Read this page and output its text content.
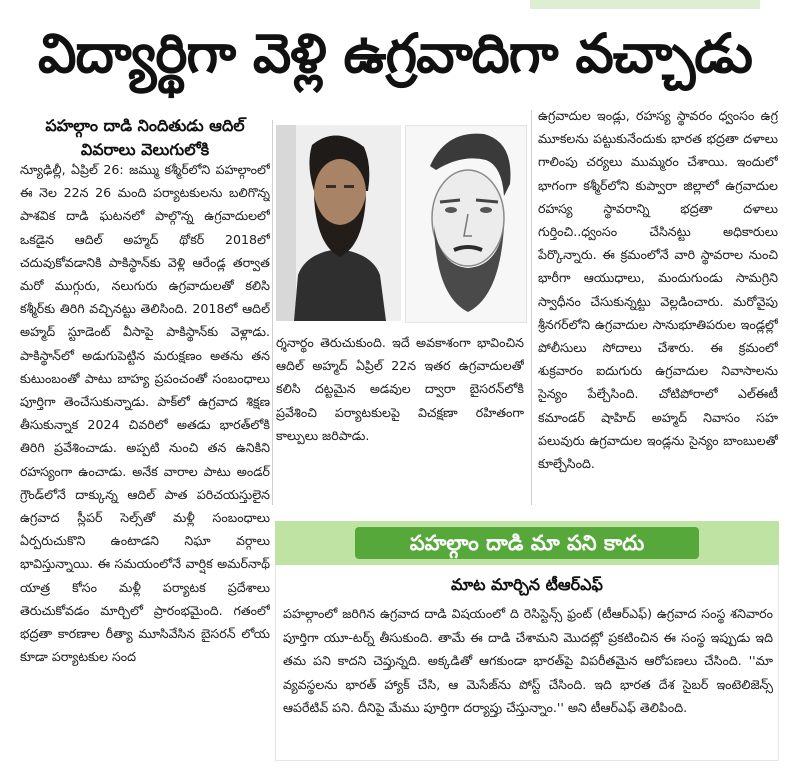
విద్యార్థిగా వెళ్లి ఉగ్రవాదిగా వచ్చాడు
పహల్గాం దాడి నిందితుడు ఆదిల్ వివరాలు వెలుగులోకి

న్యూఢిల్లీ, ఏప్రిల్ 26: జమ్ము కశ్మీర్‌లోని పహల్గాంలో ఈ నెల 22న 26 మంది పర్యాటకులను బలిగొన్న పాశవిక దాడి ఘటనలో పాల్గొన్న ఉగ్రవాదులలో ఒకడైన ఆదిల్ అహ్మద్ థోకర్ 2018లో చదువుకోవడానికి పాకిస్థాన్‌కు వెళ్లి ఆరేండ్ల తర్వాత మరో ముగ్గురు, నలుగురు ఉగ్రవాదులతో కలిసి కశ్మీర్‌కు తిరిగి వచ్చినట్టు తెలిసింది. 2018లో ఆదిల్ అహ్మద్ స్టూడెంట్ వీసాపై పాకిస్థాన్‌కు వెళ్లాడు. పాకిస్థాన్‌లో అడుగుపెట్టిన మరుక్షణం అతను తన కుటుంబంతో పాటు బాహ్య ప్రపంచంతో సంబంధాలు పూర్తిగా తెంచేసుకున్నాడు. పాక్‌లో ఉగ్రవాద శిక్షణ తీసుకున్నాక 2024 చివరిలో అతడు భారత్‌లోకి తిరిగి ప్రవేశించాడు. అప్పటి నుంచి తన ఉనికిని రహస్యంగా ఉంచాడు. అనేక వారాల పాటు అండర్ గ్రౌండ్‌లోనే దాక్కున్న ఆదిల్ పాత పరిచయస్తులైన ఉగ్రవాద స్లీపర్ సెల్స్‌తో మళ్లీ సంబంధాలు ఏర్పరుచుకొని ఉంటాడని నిఘా వర్గాలు భావిస్తున్నాయి. ఈ సమయంలోనే వార్షిక అమర్‌నాథ్ యాత్ర కోసం మళ్లీ పర్యాటక ప్రదేశాలు తెరుచుకోవడం మార్చిలో ప్రారంభమైంది. గతంలో భద్రతా కారణాల రీత్యా మూసివేసిన బైసరన్ లోయ కూడా పర్యాటకుల సంద

ర్శనార్థం తెరుచుకుంది. ఇదే అవకాశంగా భావించిన ఆదిల్ అహ్మద్ ఏప్రిల్ 22న ఇతర ఉగ్రవాదులతో కలిసి దట్టమైన అడవుల ద్వారా బైసరన్‌లోకి ప్రవేశించి పర్యాటకులపై విచక్షణా రహితంగా కాల్పులు జరిపాడు.

ఉగ్రవాదుల ఇండ్లు, రహస్య స్థావరం ధ్వంసం ఉగ్ర మూకలను పట్టుకునేందుకు భారత భద్రతా దళాలు గాలింపు చర్యలు ముమ్మరం చేశాయి. ఇందులో భాగంగా కశ్మీర్‌లోని కుప్వారా జిల్లాలో ఉగ్రవాదుల రహస్య స్థావరాన్ని భద్రతా దళాలు గుర్తించి..ధ్వంసం చేసినట్టు అధికారులు పేర్కొన్నారు. ఈ క్రమంలోనే వారి స్థావరాల నుంచి భారీగా ఆయుధాలు, మందుగుండు సామగ్రిని స్వాధీనం చేసుకున్నట్టు వెల్లడించారు. మరోవైపు శ్రీనగర్‌లోని ఉగ్రవాదుల సానుభూతిపరుల ఇండ్లల్లో పోలీసులు సోదాలు చేశారు. ఈ క్రమంలో శుక్రవారం ఐదుగురు ఉగ్రవాదుల నివాసాలను సైన్యం పేల్చేసింది. చోటిపోరాలో ఎల్‌ఈటీ కమాండర్ షాహిద్ అహ్మద్ నివాసం సహ పలువురు ఉగ్రవాదుల ఇండ్లను సైన్యం బాంబులతో కూల్చేసింది.

పహల్గాం దాడి మా పని కాదు
మాట మార్చిన టీఆర్ఎఫ్
పహల్గాంలో జరిగిన ఉగ్రవాద దాడి విషయంలో ది రెసిస్టెన్స్ ఫ్రంట్ (టీఆర్ఎఫ్) ఉగ్రవాద సంస్థ శనివారం పూర్తిగా యూ-టర్న్ తీసుకుంది. తామే ఈ దాడి చేశామని మొదట్లో ప్రకటించిన ఈ సంస్థ ఇప్పుడు ఇది తమ పని కాదని చెప్తున్నది. అక్కడితో ఆగకుండా భారత్‌పై విపరీతమైన ఆరోపణలు చేసింది. ''మా వ్యవస్థలను భారత్ హ్యాక్ చేసి, ఆ మెసేజ్‌ను పోస్ట్ చేసింది. ఇది భారత దేశ సైబర్ ఇంటెలిజెన్స్ ఆపరేటివ్ పని. దీనిపై మేము పూర్తిగా దర్యాప్తు చేస్తున్నాం.'' అని టీఆర్ఎఫ్ తెలిపింది.
